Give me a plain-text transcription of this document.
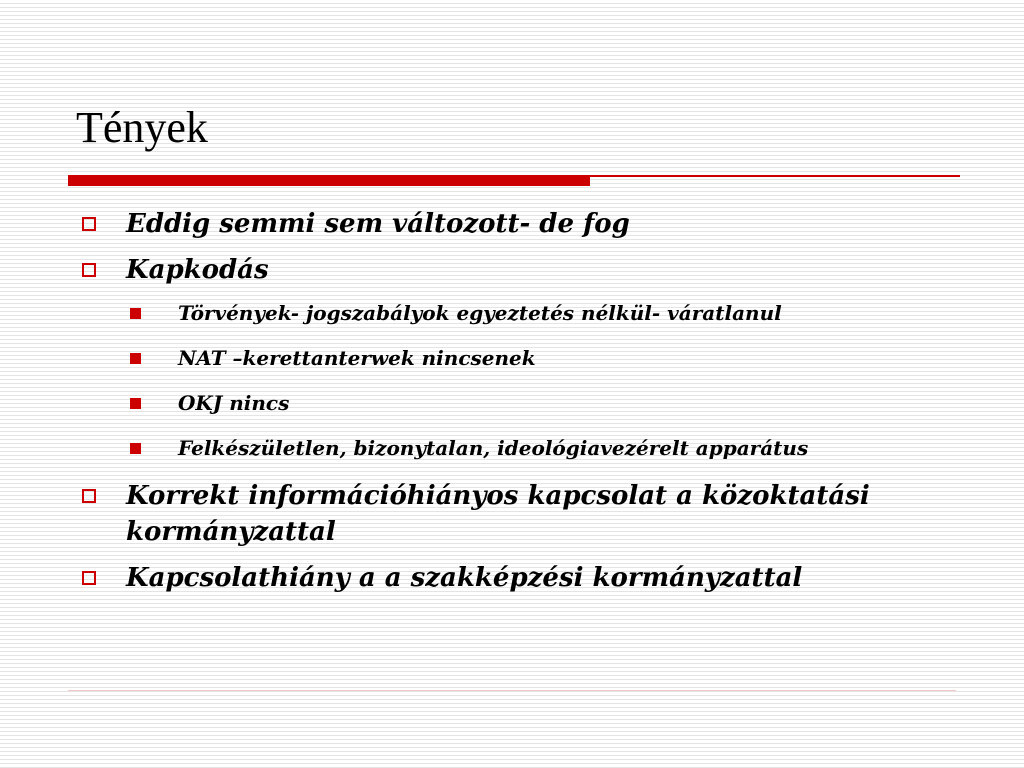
Tények
Eddig semmi sem változott- de fog
Kapkodás
Törvények- jogszabályok egyeztetés nélkül- váratlanul
NAT –kerettanterwek nincsenek
OKJ nincs
Felkészületlen, bizonytalan, ideológiavezérelt apparátus
Korrekt információhiányos kapcsolat a közoktatási kormányzattal
Kapcsolathiány a a szakképzési kormányzattal
